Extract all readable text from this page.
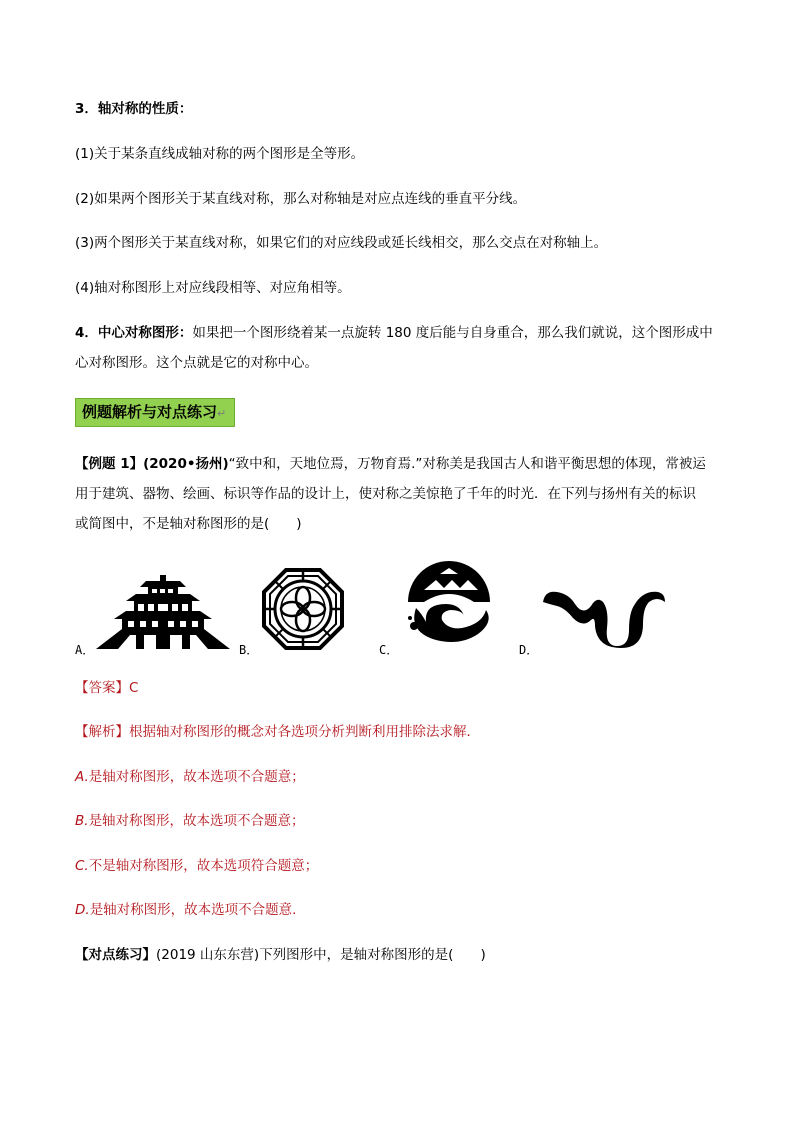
3．轴对称的性质：
(1)关于某条直线成轴对称的两个图形是全等形。
(2)如果两个图形关于某直线对称，那么对称轴是对应点连线的垂直平分线。
(3)两个图形关于某直线对称，如果它们的对应线段或延长线相交，那么交点在对称轴上。
(4)轴对称图形上对应线段相等、对应角相等。
4．中心对称图形：如果把一个图形绕着某一点旋转 180 度后能与自身重合，那么我们就说，这个图形成中
心对称图形。这个点就是它的对称中心。
例题解析与对点练习↵
【例题 1】(2020•扬州)“致中和，天地位焉，万物育焉.”对称美是我国古人和谐平衡思想的体现，常被运
用于建筑、器物、绘画、标识等作品的设计上，使对称之美惊艳了千年的时光．在下列与扬州有关的标识
或简图中，不是轴对称图形的是(　　)
A．	B．	C．	D．
【答案】C
【解析】根据轴对称图形的概念对各选项分析判断利用排除法求解．
A.是轴对称图形，故本选项不合题意；
B.是轴对称图形，故本选项不合题意；
C.不是轴对称图形，故本选项符合题意；
D.是轴对称图形，故本选项不合题意.
【对点练习】(2019 山东东营)下列图形中，是轴对称图形的是(　　)
